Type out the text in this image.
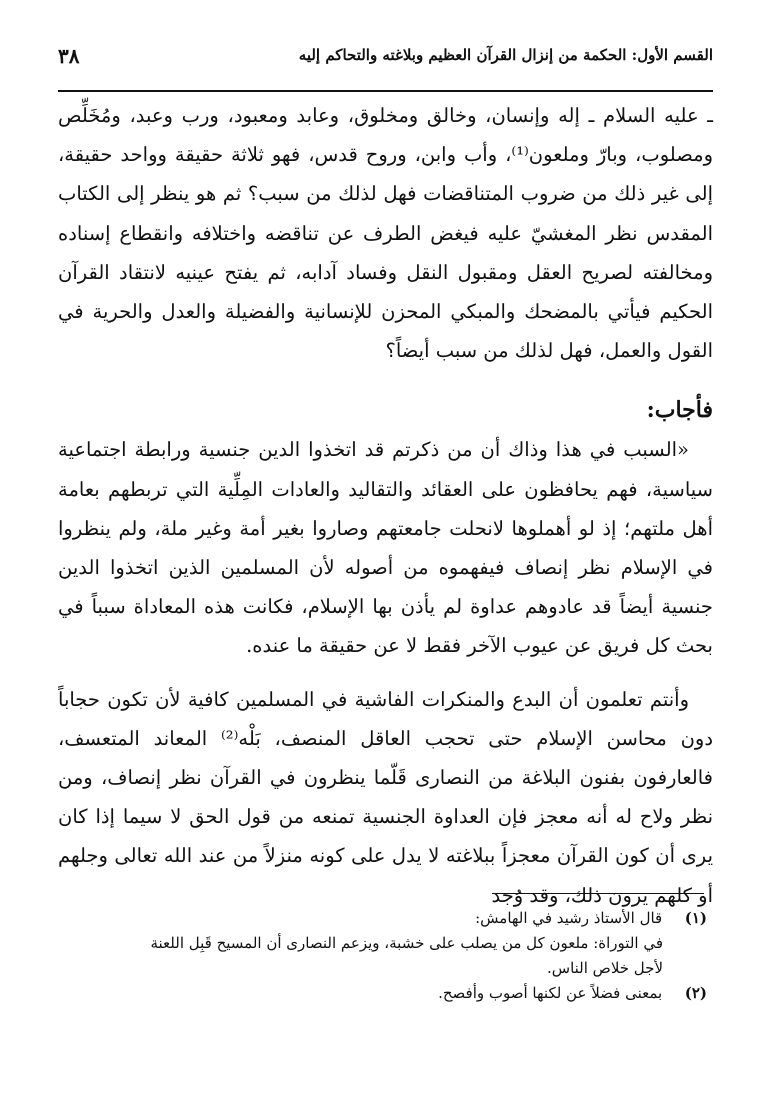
٣٨	القسم الأول: الحكمة من إنزال القرآن العظيم وبلاغته والتحاكم إليه

ـ عليه السلام ـ إله وإنسان، وخالق ومخلوق، وعابد ومعبود، ورب وعبد، ومُخَلِّص ومصلوب، وبارّ وملعون⁽¹⁾، وأب وابن، وروح قدس، فهو ثلاثة حقيقة وواحد حقيقة، إلى غير ذلك من ضروب المتناقضات فهل لذلك من سبب؟ ثم هو ينظر إلى الكتاب المقدس نظر المغشيّ عليه فيغض الطرف عن تناقضه واختلافه وانقطاع إسناده ومخالفته لصريح العقل ومقبول النقل وفساد آدابه، ثم يفتح عينيه لانتقاد القرآن الحكيم فيأتي بالمضحك والمبكي المحزن للإنسانية والفضيلة والعدل والحرية في القول والعمل، فهل لذلك من سبب أيضاً؟

فأجاب:

«السبب في هذا وذاك أن من ذكرتم قد اتخذوا الدين جنسية ورابطة اجتماعية سياسية، فهم يحافظون على العقائد والتقاليد والعادات المِلِّية التي تربطهم بعامة أهل ملتهم؛ إذ لو أهملوها لانحلت جامعتهم وصاروا بغير أمة وغير ملة، ولم ينظروا في الإسلام نظر إنصاف فيفهموه من أصوله لأن المسلمين الذين اتخذوا الدين جنسية أيضاً قد عادوهم عداوة لم يأذن بها الإسلام، فكانت هذه المعاداة سبباً في بحث كل فريق عن عيوب الآخر فقط لا عن حقيقة ما عنده.

وأنتم تعلمون أن البدع والمنكرات الفاشية في المسلمين كافية لأن تكون حجاباً دون محاسن الإسلام حتى تحجب العاقل المنصف، بَلْه⁽²⁾ المعاند المتعسف، فالعارفون بفنون البلاغة من النصارى قَلّما ينظرون في القرآن نظر إنصاف، ومن نظر ولاح له أنه معجز فإن العداوة الجنسية تمنعه من قول الحق لا سيما إذا كان يرى أن كون القرآن معجزاً ببلاغته لا يدل على كونه منزلاً من عند الله تعالى وجلهم أو كلهم يرون ذلك، وقد وُجد

(١) قال الأستاذ رشيد في الهامش:

في التوراة: ملعون كل من يصلب على خشبة، ويزعم النصارى أن المسيح قَبِل اللعنة

لأجل خلاص الناس.

(٢) بمعنى فضلاً عن لكنها أصوب وأفصح.
